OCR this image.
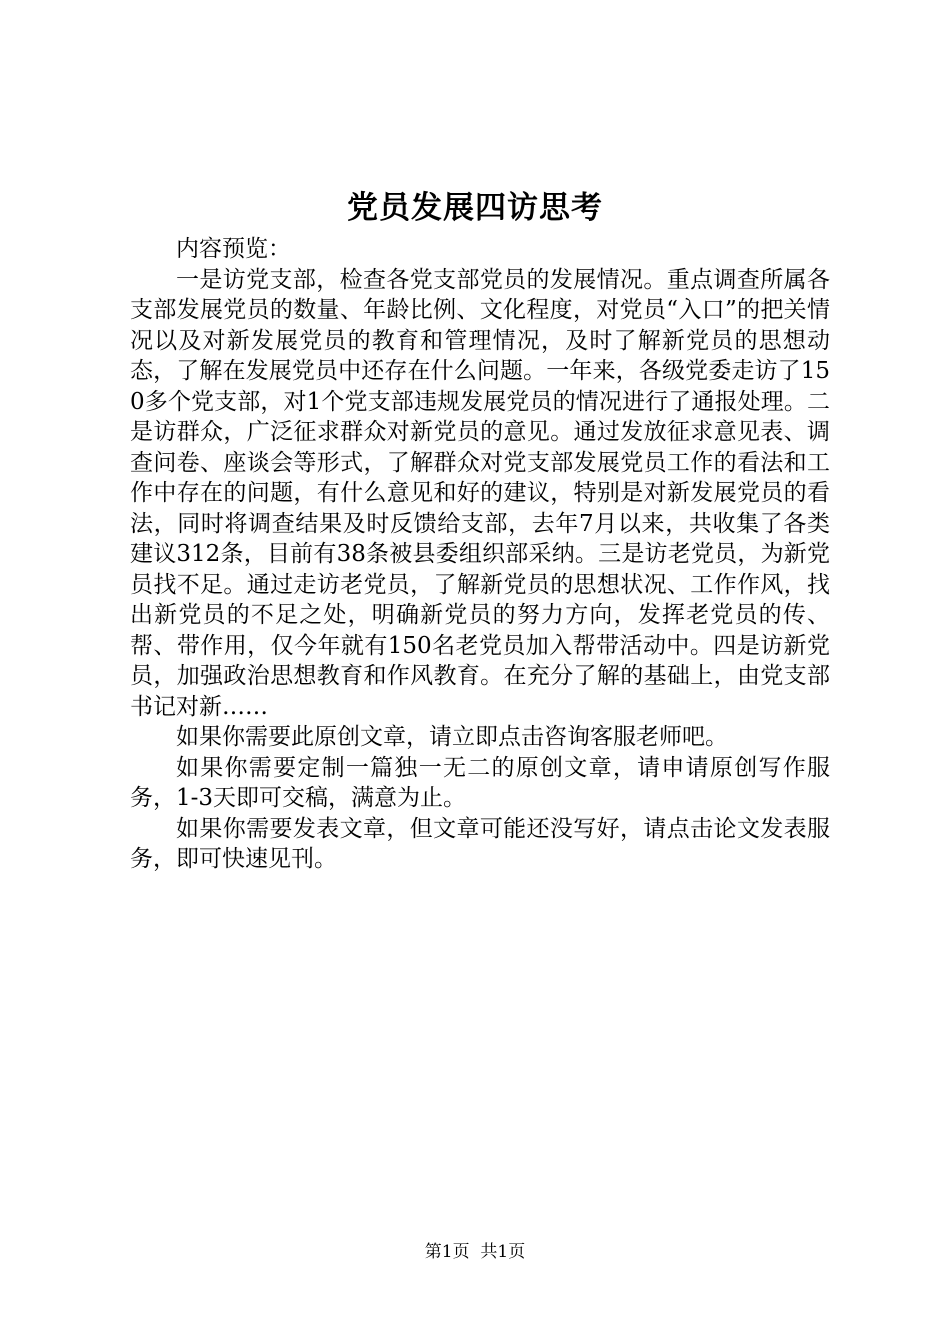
党员发展四访思考

内容预览：

一是访党支部，检查各党支部党员的发展情况。重点调查所属各支部发展党员的数量、年龄比例、文化程度，对党员“入口”的把关情况以及对新发展党员的教育和管理情况，及时了解新党员的思想动态，了解在发展党员中还存在什么问题。一年来，各级党委走访了150多个党支部，对1个党支部违规发展党员的情况进行了通报处理。二是访群众，广泛征求群众对新党员的意见。通过发放征求意见表、调查问卷、座谈会等形式，了解群众对党支部发展党员工作的看法和工作中存在的问题，有什么意见和好的建议，特别是对新发展党员的看法，同时将调查结果及时反馈给支部，去年7月以来，共收集了各类建议312条，目前有38条被县委组织部采纳。三是访老党员，为新党员找不足。通过走访老党员，了解新党员的思想状况、工作作风，找出新党员的不足之处，明确新党员的努力方向，发挥老党员的传、帮、带作用，仅今年就有150名老党员加入帮带活动中。四是访新党员，加强政治思想教育和作风教育。在充分了解的基础上，由党支部书记对新……

如果你需要此原创文章，请立即点击咨询客服老师吧。

如果你需要定制一篇独一无二的原创文章，请申请原创写作服务，1-3天即可交稿，满意为止。

如果你需要发表文章，但文章可能还没写好，请点击论文发表服务，即可快速见刊。

第1页 共1页
